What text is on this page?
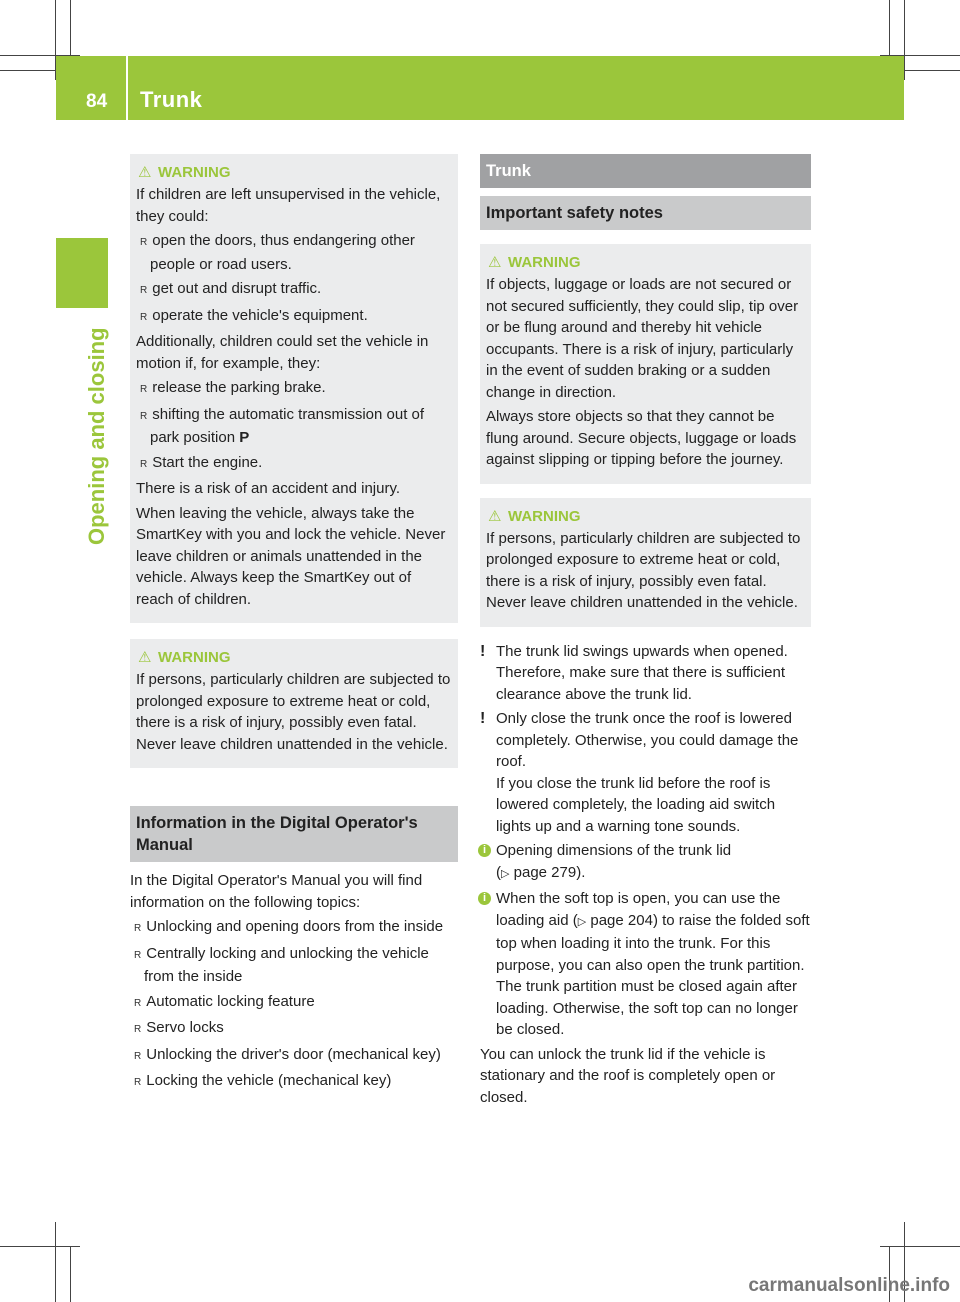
84 Trunk
Opening and closing
⚠ WARNING

If children are left unsupervised in the vehicle, they could:

R open the doors, thus endangering other people or road users.
R get out and disrupt traffic.
R operate the vehicle's equipment.

Additionally, children could set the vehicle in motion if, for example, they:

R release the parking brake.
R shifting the automatic transmission out of park position P
R Start the engine.

There is a risk of an accident and injury.

When leaving the vehicle, always take the SmartKey with you and lock the vehicle. Never leave children or animals unattended in the vehicle. Always keep the SmartKey out of reach of children.

⚠ WARNING

If persons, particularly children are subjected to prolonged exposure to extreme heat or cold, there is a risk of injury, possibly even fatal. Never leave children unattended in the vehicle.

Information in the Digital Operator's Manual

In the Digital Operator's Manual you will find information on the following topics:

R Unlocking and opening doors from the inside
R Centrally locking and unlocking the vehicle from the inside
R Automatic locking feature
R Servo locks
R Unlocking the driver's door (mechanical key)
R Locking the vehicle (mechanical key)
Trunk
Important safety notes
⚠ WARNING

If objects, luggage or loads are not secured or not secured sufficiently, they could slip, tip over or be flung around and thereby hit vehicle occupants. There is a risk of injury, particularly in the event of sudden braking or a sudden change in direction.

Always store objects so that they cannot be flung around. Secure objects, luggage or loads against slipping or tipping before the journey.

⚠ WARNING

If persons, particularly children are subjected to prolonged exposure to extreme heat or cold, there is a risk of injury, possibly even fatal. Never leave children unattended in the vehicle.

! The trunk lid swings upwards when opened. Therefore, make sure that there is sufficient clearance above the trunk lid.
! Only close the trunk once the roof is lowered completely. Otherwise, you could damage the roof.
If you close the trunk lid before the roof is lowered completely, the loading aid switch lights up and a warning tone sounds.
i Opening dimensions of the trunk lid
(▷ page 279).
i When the soft top is open, you can use the loading aid (▷ page 204) to raise the folded soft top when loading it into the trunk. For this purpose, you can also open the trunk partition.
The trunk partition must be closed again after loading. Otherwise, the soft top can no longer be closed.

You can unlock the trunk lid if the vehicle is stationary and the roof is completely open or closed.

carmanualsonline.info
